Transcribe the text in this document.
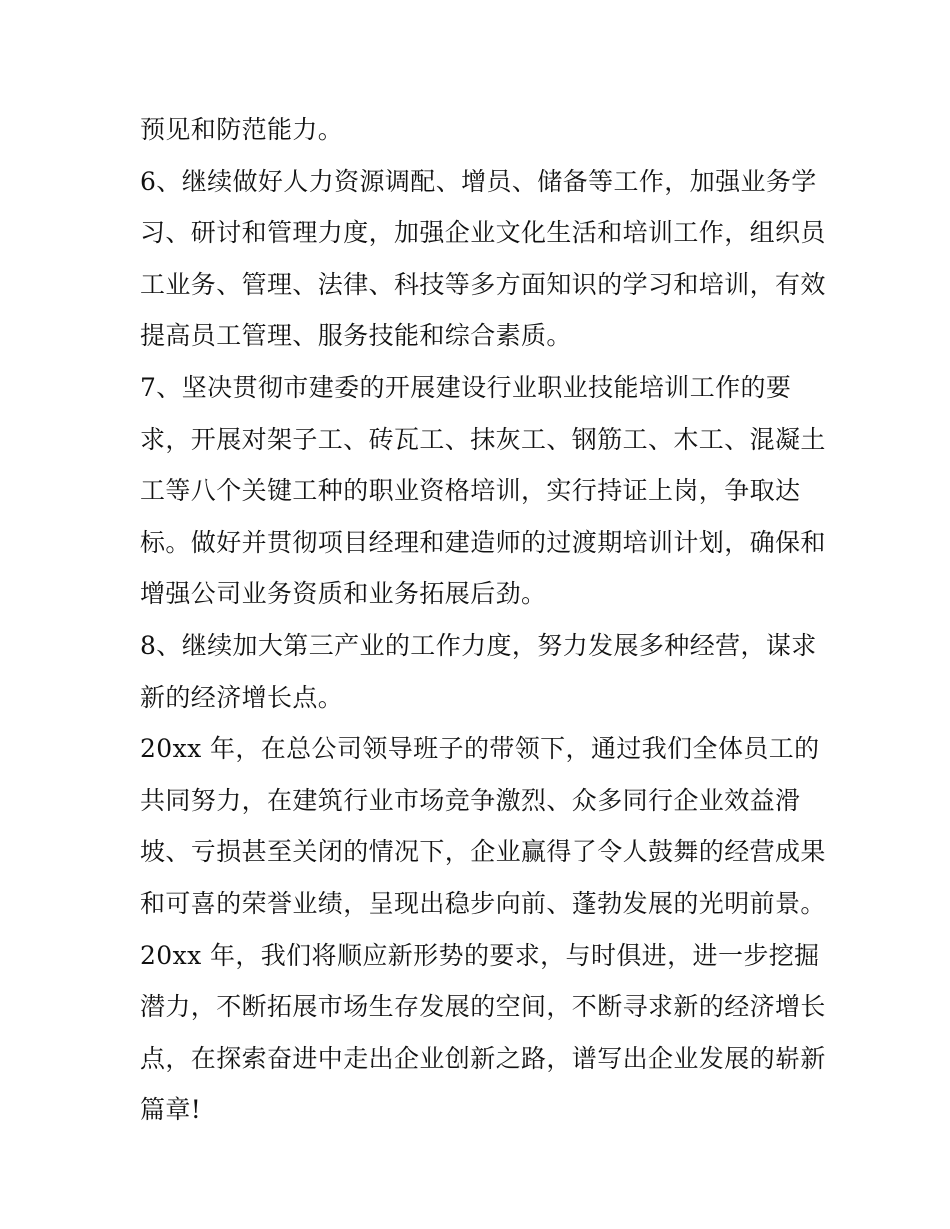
预见和防范能力。
6、继续做好人力资源调配、增员、储备等工作，加强业务学
习、研讨和管理力度，加强企业文化生活和培训工作，组织员
工业务、管理、法律、科技等多方面知识的学习和培训，有效
提高员工管理、服务技能和综合素质。
7、坚决贯彻市建委的开展建设行业职业技能培训工作的要
求，开展对架子工、砖瓦工、抹灰工、钢筋工、木工、混凝土
工等八个关键工种的职业资格培训，实行持证上岗，争取达
标。做好并贯彻项目经理和建造师的过渡期培训计划，确保和
增强公司业务资质和业务拓展后劲。
8、继续加大第三产业的工作力度，努力发展多种经营，谋求
新的经济增长点。
20xx 年，在总公司领导班子的带领下，通过我们全体员工的
共同努力，在建筑行业市场竞争激烈、众多同行企业效益滑
坡、亏损甚至关闭的情况下，企业赢得了令人鼓舞的经营成果
和可喜的荣誉业绩，呈现出稳步向前、蓬勃发展的光明前景。
20xx 年，我们将顺应新形势的要求，与时俱进，进一步挖掘
潜力，不断拓展市场生存发展的空间，不断寻求新的经济增长
点，在探索奋进中走出企业创新之路，谱写出企业发展的崭新
篇章!
